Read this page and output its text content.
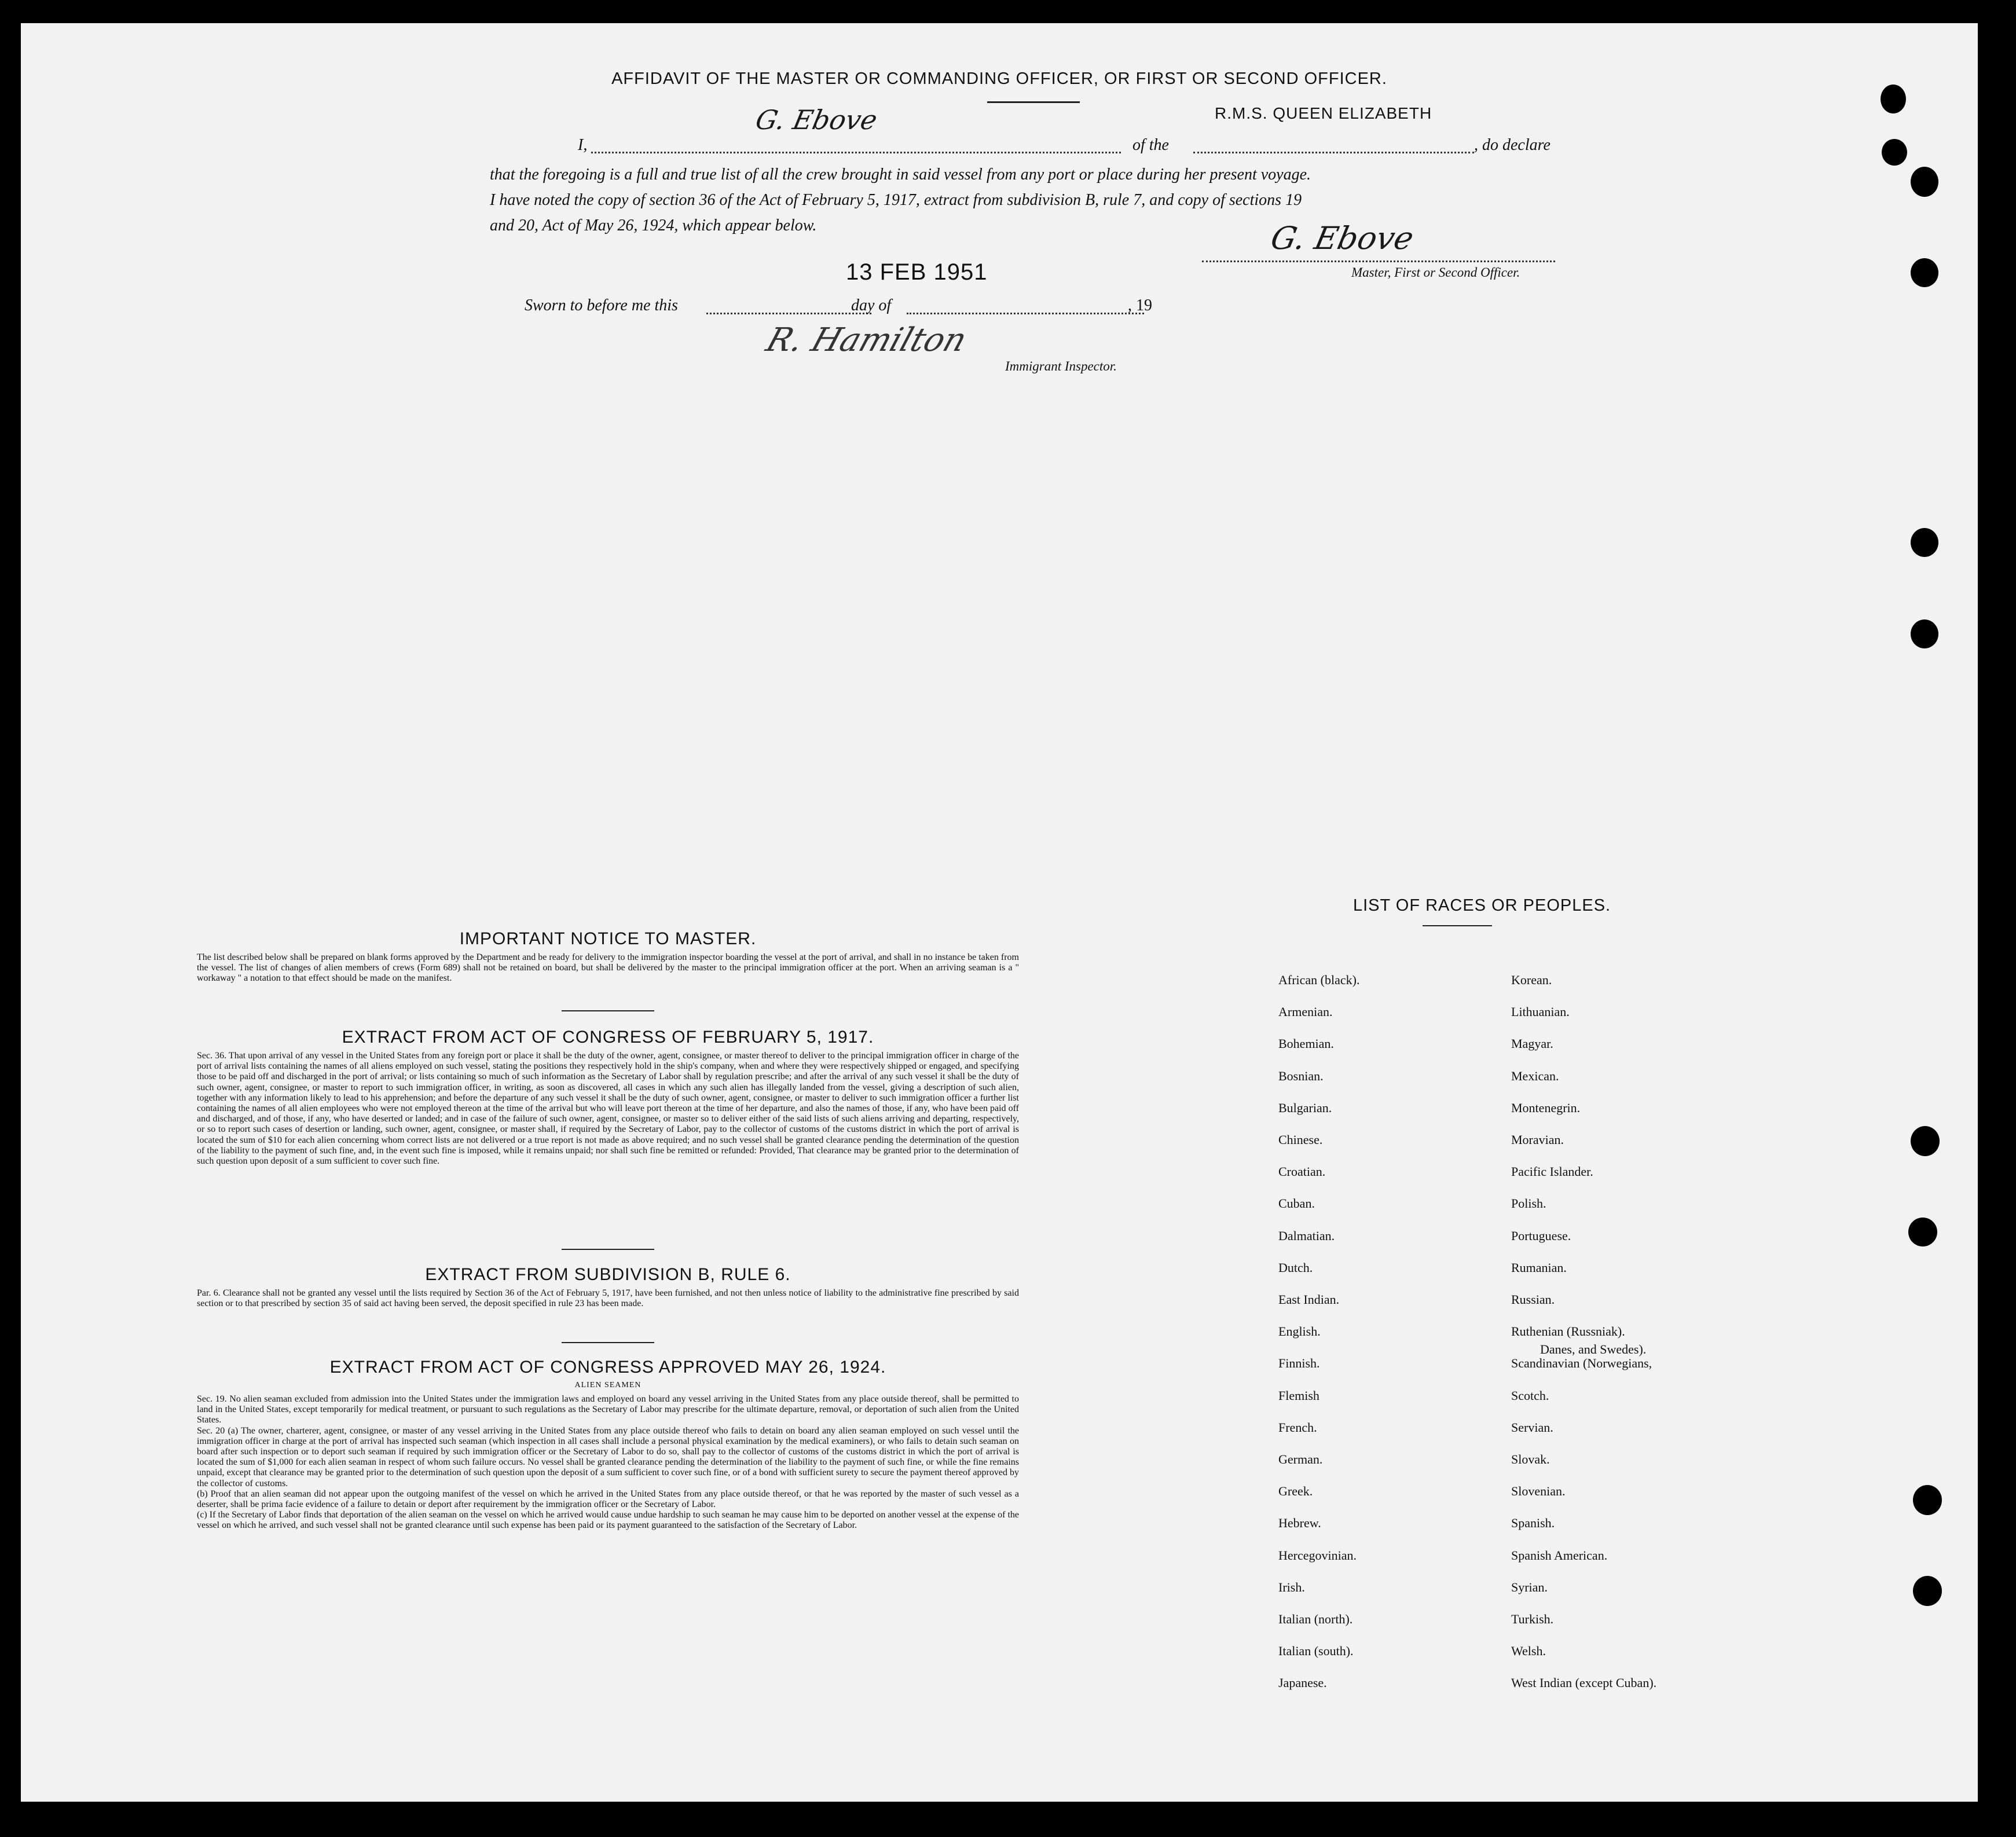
AFFIDAVIT OF THE MASTER OR COMMANDING OFFICER, OR FIRST OR SECOND OFFICER.
R.M.S. QUEEN ELIZABETH
G. Ebove
I,	of the	, do declare
that the foregoing is a full and true list of all the crew brought in said vessel from any port or place during her present voyage.
I have noted the copy of section 36 of the Act of February 5, 1917, extract from subdivision B, rule 7, and copy of sections 19
and 20, Act of May 26, 1924, which appear below.	G. Ebove
Master, First or Second Officer.
13 FEB 1951
Sworn to before me this	day of	, 19
R. Hamilton
Immigrant Inspector.
IMPORTANT NOTICE TO MASTER.
The list described below shall be prepared on blank forms approved by the Department and be ready for delivery to the immigration inspector boarding the vessel at the port of arrival, and shall in no instance be taken from the vessel. The list of changes of alien members of crews (Form 689) shall not be retained on board, but shall be delivered by the master to the principal immigration officer at the port. When an arriving seaman is a " workaway " a notation to that effect should be made on the manifest.
EXTRACT FROM ACT OF CONGRESS OF FEBRUARY 5, 1917.
Sec. 36. That upon arrival of any vessel in the United States from any foreign port or place it shall be the duty of the owner, agent, consignee, or master thereof to deliver to the principal immigration officer in charge of the port of arrival lists containing the names of all aliens employed on such vessel, stating the positions they respectively hold in the ship's company, when and where they were respectively shipped or engaged, and specifying those to be paid off and discharged in the port of arrival; or lists containing so much of such information as the Secretary of Labor shall by regulation prescribe; and after the arrival of any such vessel it shall be the duty of such owner, agent, consignee, or master to report to such immigration officer, in writing, as soon as discovered, all cases in which any such alien has illegally landed from the vessel, giving a description of such alien, together with any information likely to lead to his apprehension; and before the departure of any such vessel it shall be the duty of such owner, agent, consignee, or master to deliver to such immigration officer a further list containing the names of all alien employees who were not employed thereon at the time of the arrival but who will leave port thereon at the time of her departure, and also the names of those, if any, who have been paid off and discharged, and of those, if any, who have deserted or landed; and in case of the failure of such owner, agent, consignee, or master so to deliver either of the said lists of such aliens arriving and departing, respectively, or so to report such cases of desertion or landing, such owner, agent, consignee, or master shall, if required by the Secretary of Labor, pay to the collector of customs of the customs district in which the port of arrival is located the sum of $10 for each alien concerning whom correct lists are not delivered or a true report is not made as above required; and no such vessel shall be granted clearance pending the determination of the question of the liability to the payment of such fine, and, in the event such fine is imposed, while it remains unpaid; nor shall such fine be remitted or refunded: Provided, That clearance may be granted prior to the determination of such question upon deposit of a sum sufficient to cover such fine.
EXTRACT FROM SUBDIVISION B, RULE 6.
Par. 6. Clearance shall not be granted any vessel until the lists required by Section 36 of the Act of February 5, 1917, have been furnished, and not then unless notice of liability to the administrative fine prescribed by said section or to that prescribed by section 35 of said act having been served, the deposit specified in rule 23 has been made.
EXTRACT FROM ACT OF CONGRESS APPROVED MAY 26, 1924.
ALIEN SEAMEN

Sec. 19. No alien seaman excluded from admission into the United States under the immigration laws and employed on board any vessel arriving in the United States from any place outside thereof, shall be permitted to land in the United States, except temporarily for medical treatment, or pursuant to such regulations as the Secretary of Labor may prescribe for the ultimate departure, removal, or deportation of such alien from the United States.

Sec. 20 (a) The owner, charterer, agent, consignee, or master of any vessel arriving in the United States from any place outside thereof who fails to detain on board any alien seaman employed on such vessel until the immigration officer in charge at the port of arrival has inspected such seaman (which inspection in all cases shall include a personal physical examination by the medical examiners), or who fails to detain such seaman on board after such inspection or to deport such seaman if required by such immigration officer or the Secretary of Labor to do so, shall pay to the collector of customs of the customs district in which the port of arrival is located the sum of $1,000 for each alien seaman in respect of whom such failure occurs. No vessel shall be granted clearance pending the determination of the liability to the payment of such fine, or while the fine remains unpaid, except that clearance may be granted prior to the determination of such question upon the deposit of a sum sufficient to cover such fine, or of a bond with sufficient surety to secure the payment thereof approved by the collector of customs.

(b) Proof that an alien seaman did not appear upon the outgoing manifest of the vessel on which he arrived in the United States from any place outside thereof, or that he was reported by the master of such vessel as a deserter, shall be prima facie evidence of a failure to detain or deport after requirement by the immigration officer or the Secretary of Labor.

(c) If the Secretary of Labor finds that deportation of the alien seaman on the vessel on which he arrived would cause undue hardship to such seaman he may cause him to be deported on another vessel at the expense of the vessel on which he arrived, and such vessel shall not be granted clearance until such expense has been paid or its payment guaranteed to the satisfaction of the Secretary of Labor.

LIST OF RACES OR PEOPLES.
African (black).
Armenian.
Bohemian.
Bosnian.
Bulgarian.
Chinese.
Croatian.
Cuban.
Dalmatian.
Dutch.
East Indian.
English.
Finnish.
Flemish
French.
German.
Greek.
Hebrew.
Hercegovinian.
Irish.
Italian (north).
Italian (south).
Japanese.
Korean.
Lithuanian.
Magyar.
Mexican.
Montenegrin.
Moravian.
Pacific Islander.
Polish.
Portuguese.
Rumanian.
Russian.
Ruthenian (Russniak).
Scandinavian (Norwegians,
Scotch.
Servian.
Slovak.
Slovenian.
Spanish.
Spanish American.
Syrian.
Turkish.
Welsh.
West Indian (except Cuban).
Danes, and Swedes).
